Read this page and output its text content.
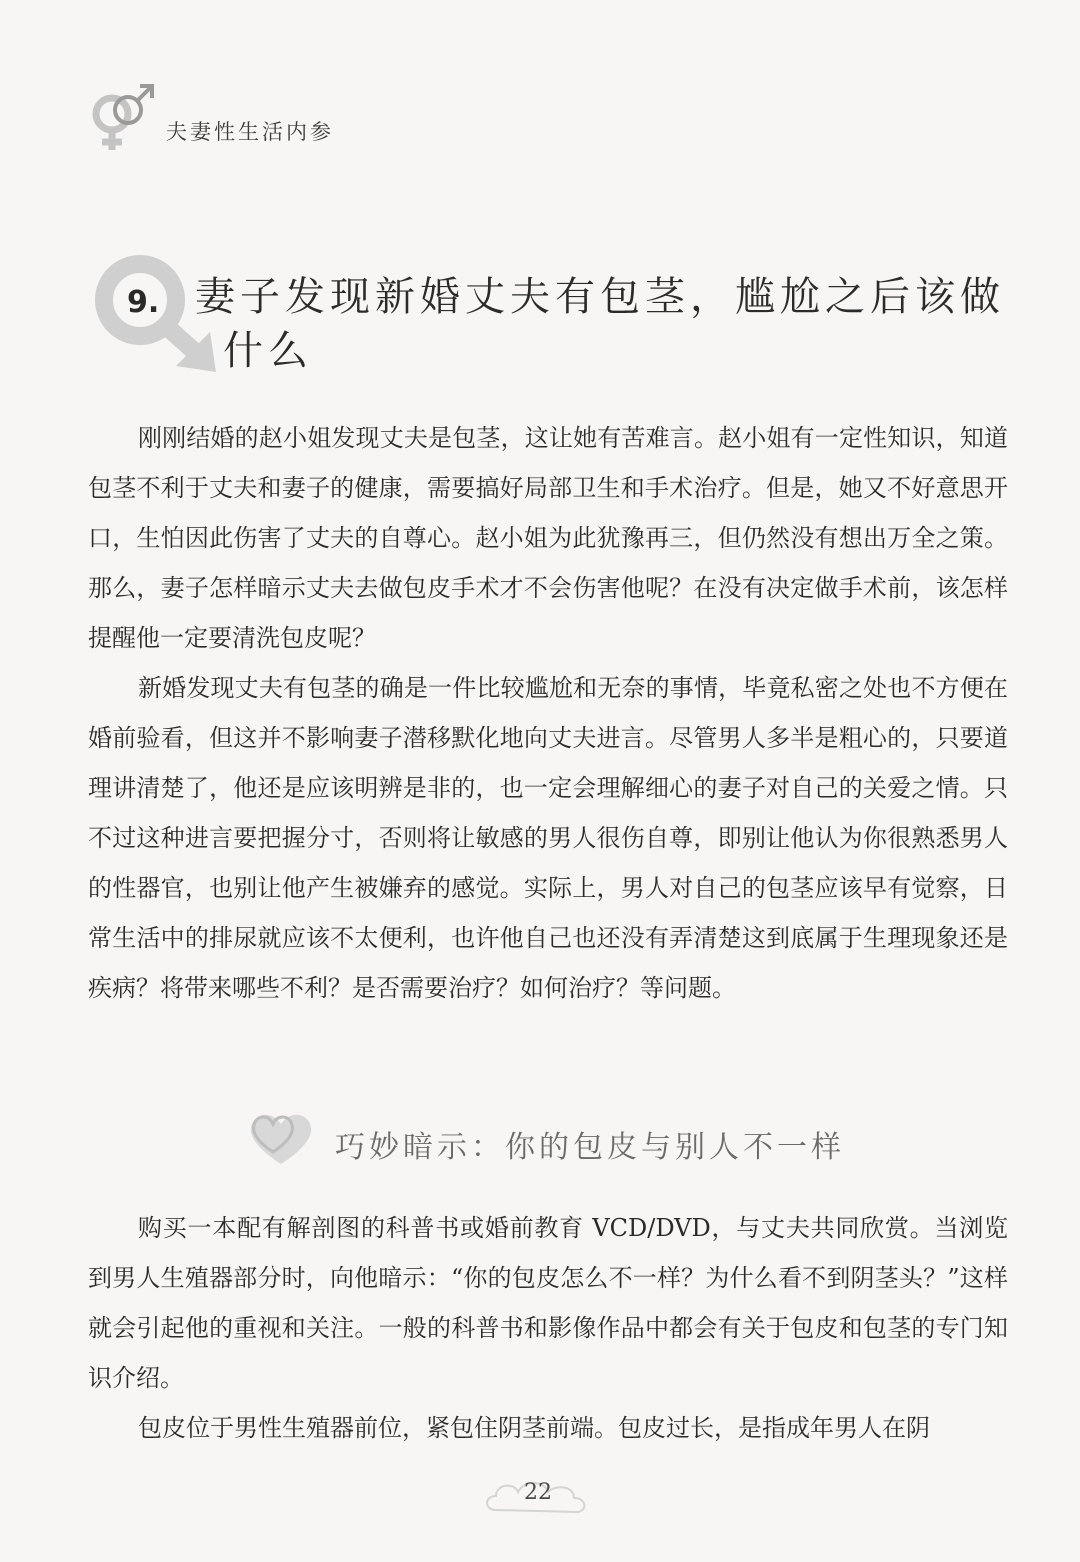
夫妻性生活内参
9. 妻子发现新婚丈夫有包茎，尴尬之后该做
什么

刚刚结婚的赵小姐发现丈夫是包茎，这让她有苦难言。赵小姐有一定性知识，知道包茎不利于丈夫和妻子的健康，需要搞好局部卫生和手术治疗。但是，她又不好意思开口，生怕因此伤害了丈夫的自尊心。赵小姐为此犹豫再三，但仍然没有想出万全之策。那么，妻子怎样暗示丈夫去做包皮手术才不会伤害他呢？在没有决定做手术前，该怎样提醒他一定要清洗包皮呢？

新婚发现丈夫有包茎的确是一件比较尴尬和无奈的事情，毕竟私密之处也不方便在婚前验看，但这并不影响妻子潜移默化地向丈夫进言。尽管男人多半是粗心的，只要道理讲清楚了，他还是应该明辨是非的，也一定会理解细心的妻子对自己的关爱之情。只不过这种进言要把握分寸，否则将让敏感的男人很伤自尊，即别让他认为你很熟悉男人的性器官，也别让他产生被嫌弃的感觉。实际上，男人对自己的包茎应该早有觉察，日常生活中的排尿就应该不太便利，也许他自己也还没有弄清楚这到底属于生理现象还是疾病？将带来哪些不利？是否需要治疗？如何治疗？等问题。

巧妙暗示：你的包皮与别人不一样

购买一本配有解剖图的科普书或婚前教育 VCD/DVD，与丈夫共同欣赏。当浏览到男人生殖器部分时，向他暗示：“你的包皮怎么不一样？为什么看不到阴茎头？”这样就会引起他的重视和关注。一般的科普书和影像作品中都会有关于包皮和包茎的专门知识介绍。

包皮位于男性生殖器前位，紧包住阴茎前端。包皮过长，是指成年男人在阴

22
